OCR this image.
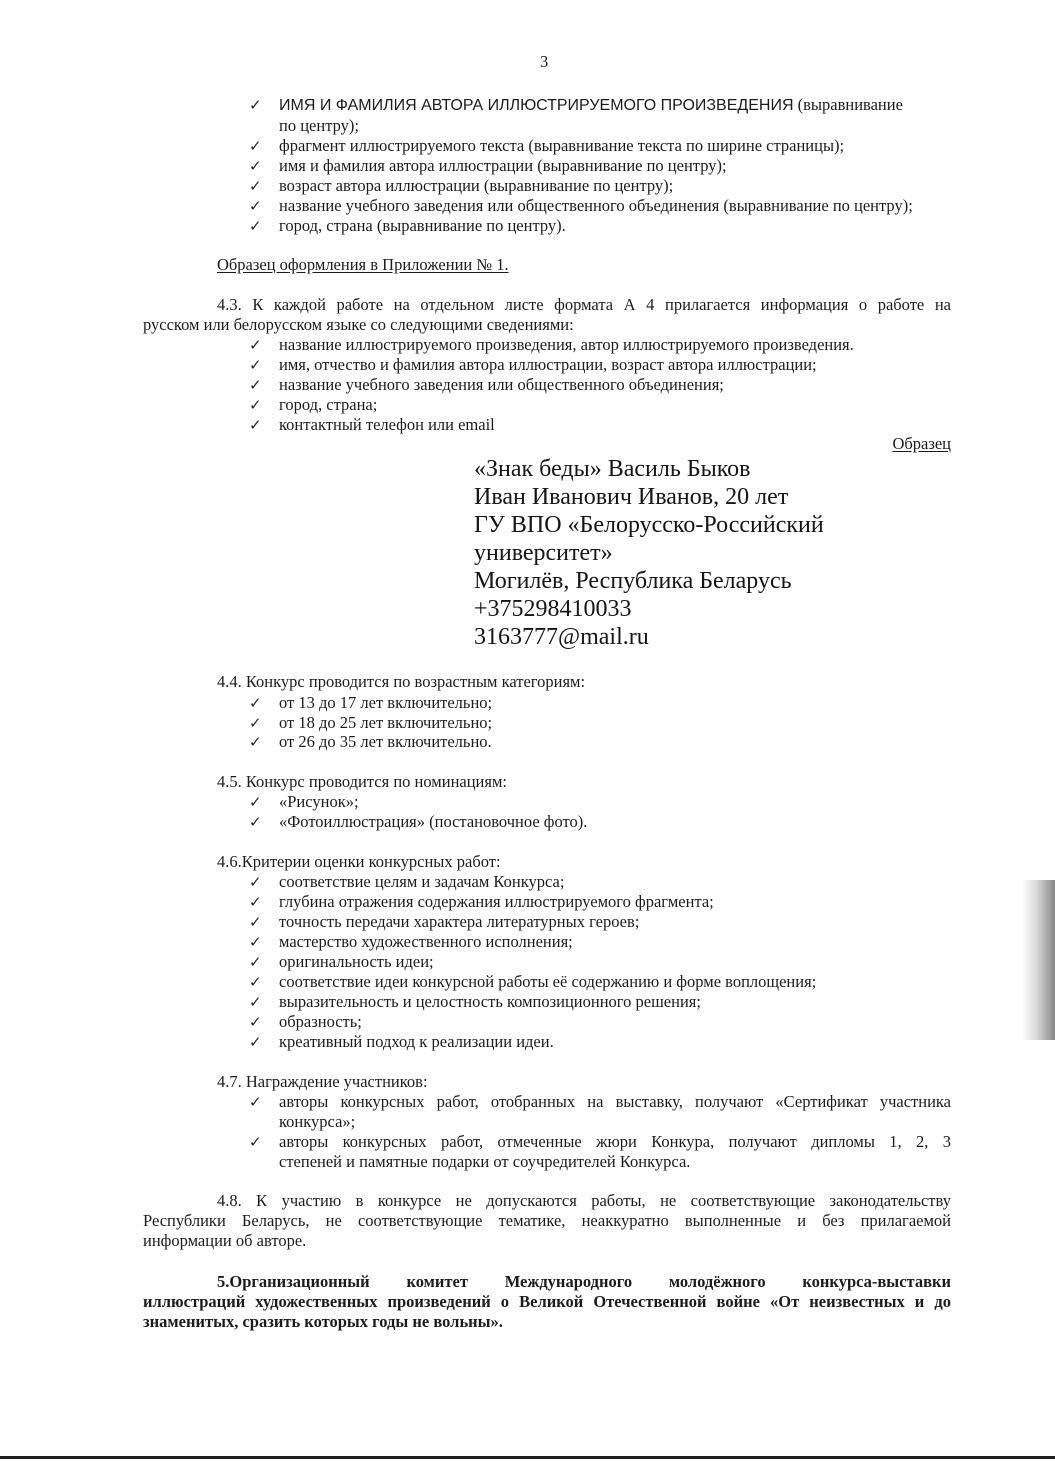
3
✓
ИМЯ И ФАМИЛИЯ АВТОРА ИЛЛЮСТРИРУЕМОГО ПРОИЗВЕДЕНИЯ (выравнивание
по центру);
✓
фрагмент иллюстрируемого текста (выравнивание текста по ширине страницы);
✓
имя и фамилия автора иллюстрации (выравнивание по центру);
✓
возраст автора иллюстрации (выравнивание по центру);
✓
название учебного заведения или общественного объединения (выравнивание по центру);
✓
город, страна (выравнивание по центру).
Образец оформления в Приложении № 1.
4.3. К каждой работе на отдельном листе формата А 4 прилагается информация о работе на
русском или белорусском языке со следующими сведениями:
✓
название иллюстрируемого произведения, автор иллюстрируемого произведения.
✓
имя, отчество и фамилия автора иллюстрации, возраст автора иллюстрации;
✓
название учебного заведения или общественного объединения;
✓
город, страна;
✓
контактный телефон или email
Образец
«Знак беды» Василь Быков
Иван Иванович Иванов, 20 лет
ГУ ВПО «Белорусско-Российский
университет»
Могилёв, Республика Беларусь
+375298410033
3163777@mail.ru
4.4. Конкурс проводится по возрастным категориям:
✓
от 13 до 17 лет включительно;
✓
от 18 до 25 лет включительно;
✓
от 26 до 35 лет включительно.
4.5. Конкурс проводится по номинациям:
✓
«Рисунок»;
✓
«Фотоиллюстрация» (постановочное фото).
4.6.Критерии оценки конкурсных работ:
✓
соответствие целям и задачам Конкурса;
✓
глубина отражения содержания иллюстрируемого фрагмента;
✓
точность передачи характера литературных героев;
✓
мастерство художественного исполнения;
✓
оригинальность идеи;
✓
соответствие идеи конкурсной работы её содержанию и форме воплощения;
✓
выразительность и целостность композиционного решения;
✓
образность;
✓
креативный подход к реализации идеи.
4.7. Награждение участников:
✓
авторы конкурсных работ, отобранных на выставку, получают «Сертификат участника
конкурса»;
✓
авторы конкурсных работ, отмеченные жюри Конкура, получают дипломы 1, 2, 3
степеней и памятные подарки от соучредителей Конкурса.
4.8. К участию в конкурсе не допускаются работы, не соответствующие законодательству
Республики Беларусь, не соответствующие тематике, неаккуратно выполненные и без прилагаемой
информации об авторе.
5.Организационный комитет Международного молодёжного конкурса-выставки
иллюстраций художественных произведений о Великой Отечественной войне «От неизвестных и до
знаменитых, сразить которых годы не вольны».
